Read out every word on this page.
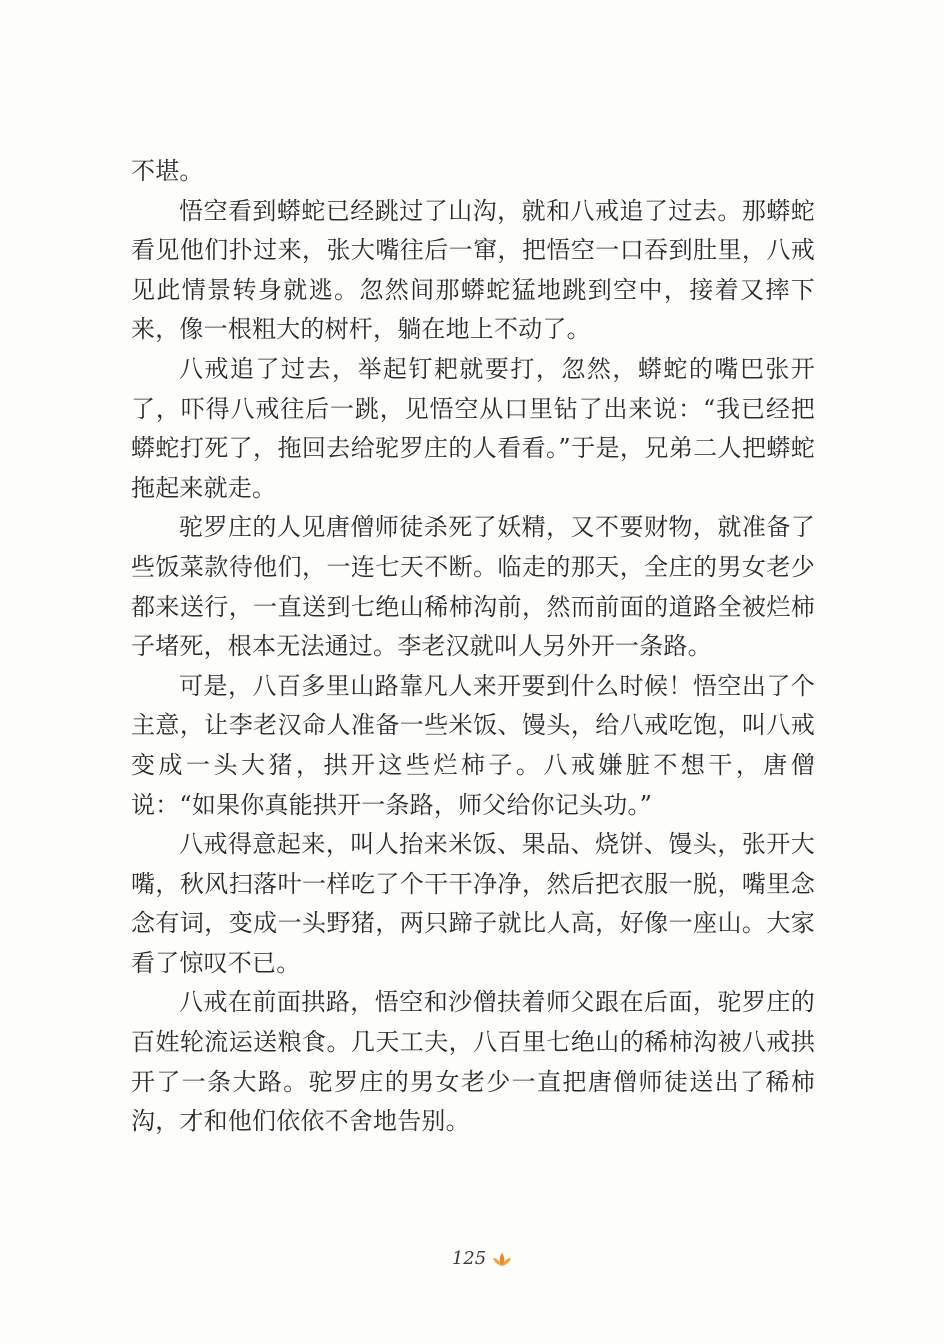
不堪。

悟空看到蟒蛇已经跳过了山沟，就和八戒追了过去。那蟒蛇看见他们扑过来，张大嘴往后一窜，把悟空一口吞到肚里，八戒见此情景转身就逃。忽然间那蟒蛇猛地跳到空中，接着又摔下来，像一根粗大的树杆，躺在地上不动了。

八戒追了过去，举起钉耙就要打，忽然，蟒蛇的嘴巴张开了，吓得八戒往后一跳，见悟空从口里钻了出来说：“我已经把蟒蛇打死了，拖回去给驼罗庄的人看看。”于是，兄弟二人把蟒蛇拖起来就走。

驼罗庄的人见唐僧师徒杀死了妖精，又不要财物，就准备了些饭菜款待他们，一连七天不断。临走的那天，全庄的男女老少都来送行，一直送到七绝山稀柿沟前，然而前面的道路全被烂柿子堵死，根本无法通过。李老汉就叫人另外开一条路。

可是，八百多里山路靠凡人来开要到什么时候！悟空出了个主意，让李老汉命人准备一些米饭、馒头，给八戒吃饱，叫八戒变成一头大猪，拱开这些烂柿子。八戒嫌脏不想干，唐僧说：“如果你真能拱开一条路，师父给你记头功。”

八戒得意起来，叫人抬来米饭、果品、烧饼、馒头，张开大嘴，秋风扫落叶一样吃了个干干净净，然后把衣服一脱，嘴里念念有词，变成一头野猪，两只蹄子就比人高，好像一座山。大家看了惊叹不已。

八戒在前面拱路，悟空和沙僧扶着师父跟在后面，驼罗庄的百姓轮流运送粮食。几天工夫，八百里七绝山的稀柿沟被八戒拱开了一条大路。驼罗庄的男女老少一直把唐僧师徒送出了稀柿沟，才和他们依依不舍地告别。

125
